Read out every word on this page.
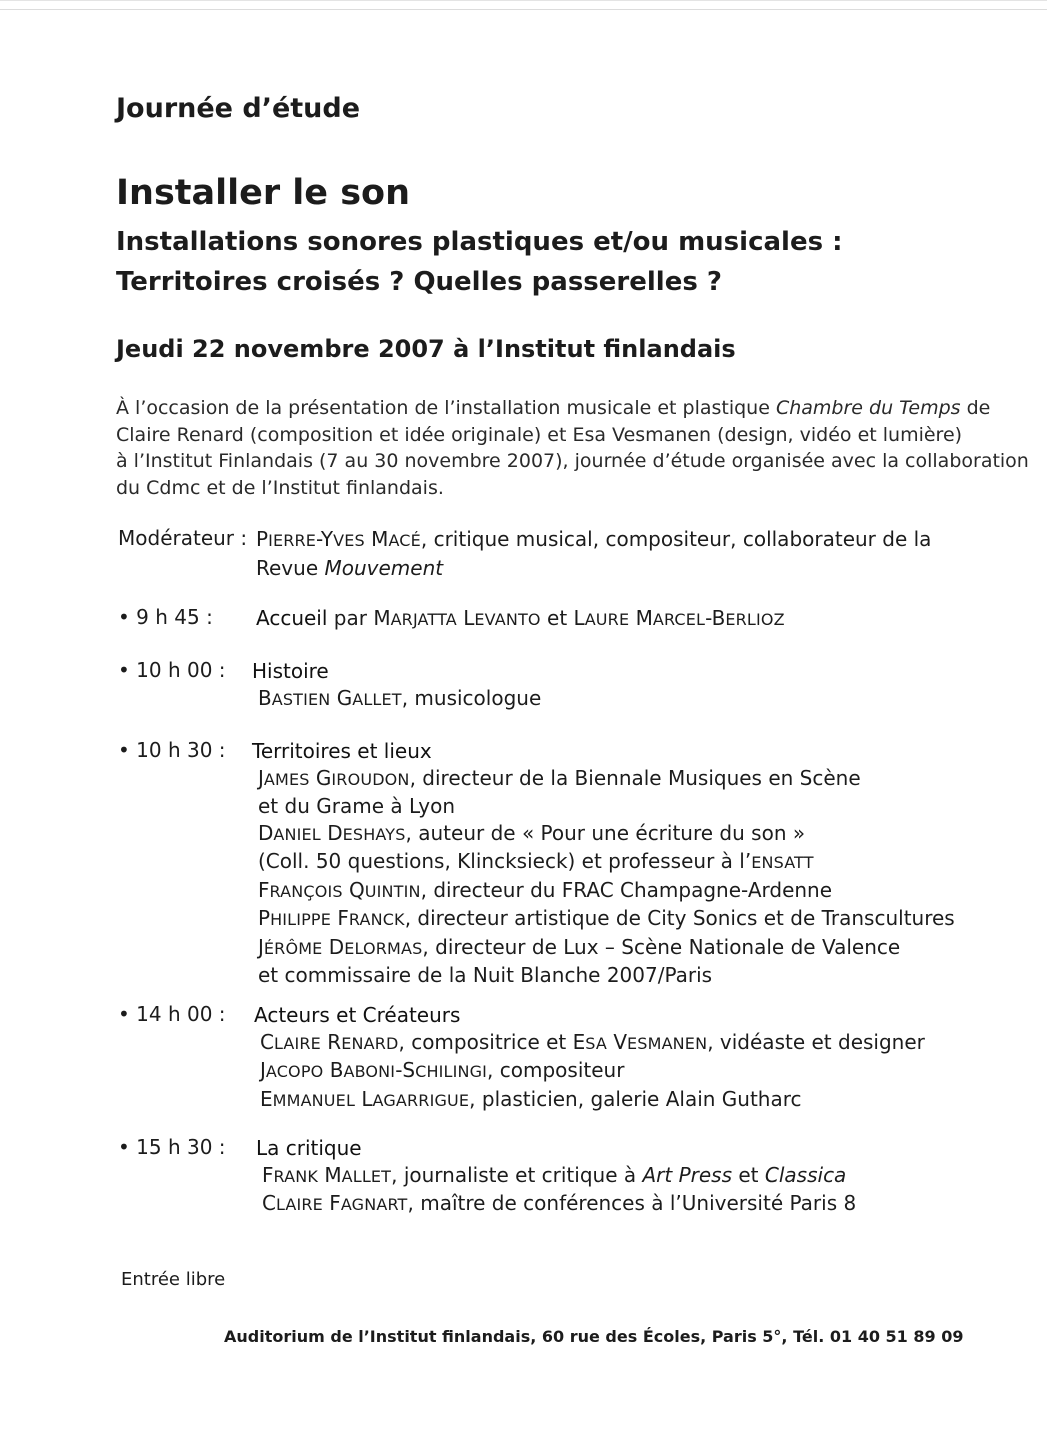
Journée d’étude
Installer le son
Installations sonores plastiques et/ou musicales :
Territoires croisés ? Quelles passerelles ?
Jeudi 22 novembre 2007 à l’Institut finlandais

À l’occasion de la présentation de l’installation musicale et plastique Chambre du Temps de

Claire Renard (composition et idée originale) et Esa Vesmanen (design, vidéo et lumière)

à l’Institut Finlandais (7 au 30 novembre 2007), journée d’étude organisée avec la collaboration

du Cdmc et de l’Institut finlandais.

Modérateur : PIERRE-YVES MACÉ, critique musical, compositeur, collaborateur de la
Revue Mouvement
• 9 h 45 : Accueil par MARJATTA LEVANTO et LAURE MARCEL-BERLIOZ
• 10 h 00 : Histoire
BASTIEN GALLET, musicologue
• 10 h 30 : Territoires et lieux
JAMES GIROUDON, directeur de la Biennale Musiques en Scène
et du Grame à Lyon
DANIEL DESHAYS, auteur de « Pour une écriture du son »
(Coll. 50 questions, Klincksieck) et professeur à l’ENSATT
FRANÇOIS QUINTIN, directeur du FRAC Champagne-Ardenne
PHILIPPE FRANCK, directeur artistique de City Sonics et de Transcultures
JÉRÔME DELORMAS, directeur de Lux – Scène Nationale de Valence
et commissaire de la Nuit Blanche 2007/Paris
• 14 h 00 : Acteurs et Créateurs
CLAIRE RENARD, compositrice et ESA VESMANEN, vidéaste et designer
JACOPO BABONI-SCHILINGI, compositeur
EMMANUEL LAGARRIGUE, plasticien, galerie Alain Gutharc
• 15 h 30 : La critique
FRANK MALLET, journaliste et critique à Art Press et Classica
CLAIRE FAGNART, maître de conférences à l’Université Paris 8
Entrée libre
Auditorium de l’Institut finlandais, 60 rue des Écoles, Paris 5°, Tél. 01 40 51 89 09
